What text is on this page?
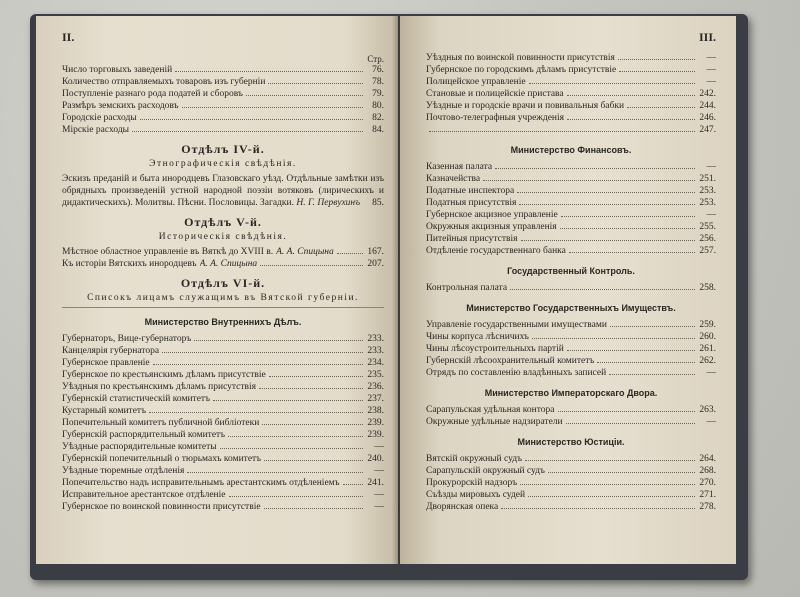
II.
Стр.
Число торговыхъ заведеній	76.
Количество отправляемыхъ товаровъ изъ губерніи	78.
Поступленіе разнаго рода податей и сборовъ	79.
Размѣръ земскихъ расходовъ	80.
Городскіе расходы	82.
Мірскіе расходы	84.
Отдѣлъ IV-й.
Этнографическія свѣдѣнія.
Эскизъ преданій и быта инородцевъ Глазовскаго уѣзд. Отдѣльные замѣтки изъ обрядныхъ произведеній устной народной поэзіи вотяковъ (лирическихъ и дидактическихъ). Молитвы. Пѣсни. Пословицы. Загадки. Н. Г. Первухинъ 85.
Отдѣлъ V-й.
Историческія свѣдѣнія.
Мѣстное областное управленіе въ Вяткѣ до XVIII в. А. А. Спицына	167.
Къ исторіи Вятскихъ инородцевъ А. А. Спицына	207.
Отдѣлъ VI-й.
Списокъ лицамъ служащимъ въ Вятской губерніи.
Министерство Внутреннихъ Дѣлъ.
Губернаторъ, Вице-губернаторъ	233.
Канцелярія губернатора	233.
Губернское правленіе	234.
Губернское по крестьянскимъ дѣламъ присутствіе	235.
Уѣздныя по крестьянскимъ дѣламъ присутствія	236.
Губернскій статистическій комитетъ	237.
Кустарный комитетъ	238.
Попечительный комитетъ публичной библіотеки	239.
Губернскій распорядительный комитетъ	239.
Уѣздные распорядительные комитеты	—
Губернскій попечительный о тюрьмахъ комитетъ	240.
Уѣздные тюремные отдѣленія	—
Попечительство надъ исправительнымъ арестантскимъ отдѣленіемъ	241.
Исправительное арестантское отдѣленіе	—
Губернское по воинской повинности присутствіе	—
III.
Уѣздныя по воинской повинности присутствія	—
Губернское по городскимъ дѣламъ присутствіе	—
Полицейское управленіе	—
Становые и полицейскіе пристава	242.
Уѣздные и городскіе врачи и повивальныя бабки	244.
Почтово-телеграфныя учрежденія	246.
247.
Министерство Финансовъ.
Казенная палата	—
Казначейства	251.
Податные инспектора	253.
Податныя присутствія	253.
Губернское акцизное управленіе	—
Окружныя акцизныя управленія	255.
Питейныя присутствія	256.
Отдѣленіе государственнаго банка	257.
Государственный Контроль.
Контрольная палата	258.
Министерство Государственныхъ Имуществъ.
Управленіе государственными имуществами	259.
Чины корпуса лѣсничихъ	260.
Чины лѣсоустроительныхъ партій	261.
Губернскій лѣсоохранительный комитетъ	262.
Отрядъ по составленію владѣнныхъ записей	—
Министерство Императорскаго Двора.
Сарапульская удѣльная контора	263.
Окружные удѣльные надзиратели	—
Министерство Юстиціи.
Вятскій окружный судъ	264.
Сарапульскій окружный судъ	268.
Прокурорскій надзоръ	270.
Съѣзды мировыхъ судей	271.
Дворянская опека	278.
